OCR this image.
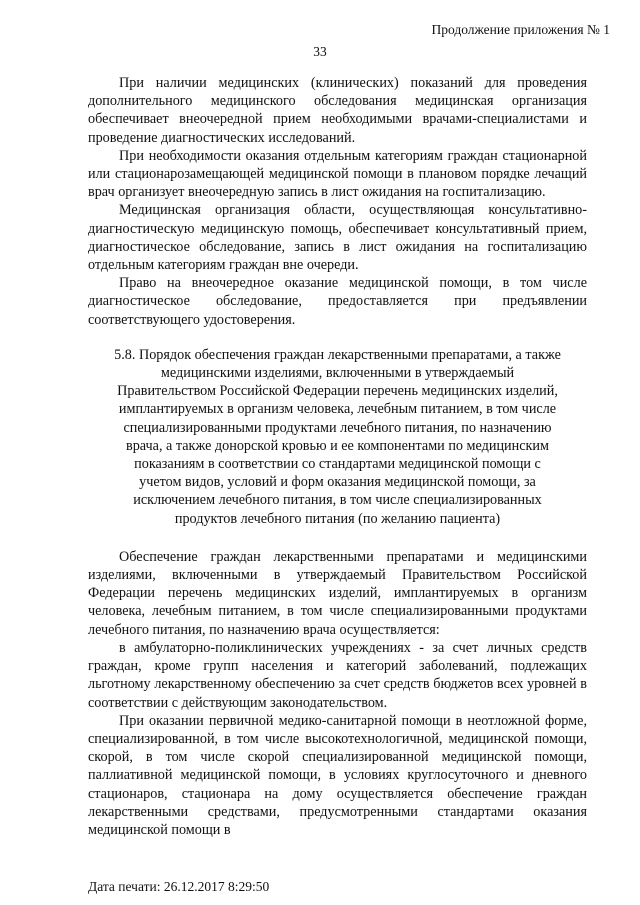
Продолжение приложения № 1
33

При наличии медицинских (клинических) показаний для проведения дополнительного медицинского обследования медицинская организация обеспечивает внеочередной прием необходимыми врачами-специалистами и проведение диагностических исследований.

При необходимости оказания отдельным категориям граждан стационарной или стационарозамещающей медицинской помощи в плановом порядке лечащий врач организует внеочередную запись в лист ожидания на госпитализацию.

Медицинская организация области, осуществляющая консультативно-диагностическую медицинскую помощь, обеспечивает консультативный прием, диагностическое обследование, запись в лист ожидания на госпитализацию отдельным категориям граждан вне очереди.

Право на внеочередное оказание медицинской помощи, в том числе диагностическое обследование, предоставляется при предъявлении соответствующего удостоверения.

5.8. Порядок обеспечения граждан лекарственными препаратами, а также медицинскими изделиями, включенными в утверждаемый Правительством Российской Федерации перечень медицинских изделий, имплантируемых в организм человека, лечебным питанием, в том числе специализированными продуктами лечебного питания, по назначению врача, а также донорской кровью и ее компонентами по медицинским показаниям в соответствии со стандартами медицинской помощи с учетом видов, условий и форм оказания медицинской помощи, за исключением лечебного питания, в том числе специализированных продуктов лечебного питания (по желанию пациента)

Обеспечение граждан лекарственными препаратами и медицинскими изделиями, включенными в утверждаемый Правительством Российской Федерации перечень медицинских изделий, имплантируемых в организм человека, лечебным питанием, в том числе специализированными продуктами лечебного питания, по назначению врача осуществляется:

в амбулаторно-поликлинических учреждениях - за счет личных средств граждан, кроме групп населения и категорий заболеваний, подлежащих льготному лекарственному обеспечению за счет средств бюджетов всех уровней в соответствии с действующим законодательством.

При оказании первичной медико-санитарной помощи в неотложной форме, специализированной, в том числе высокотехнологичной, медицинской помощи, скорой, в том числе скорой специализированной медицинской помощи, паллиативной медицинской помощи, в условиях круглосуточного и дневного стационаров, стационара на дому осуществляется обеспечение граждан лекарственными средствами, предусмотренными стандартами оказания медицинской помощи в

Дата печати: 26.12.2017 8:29:50
